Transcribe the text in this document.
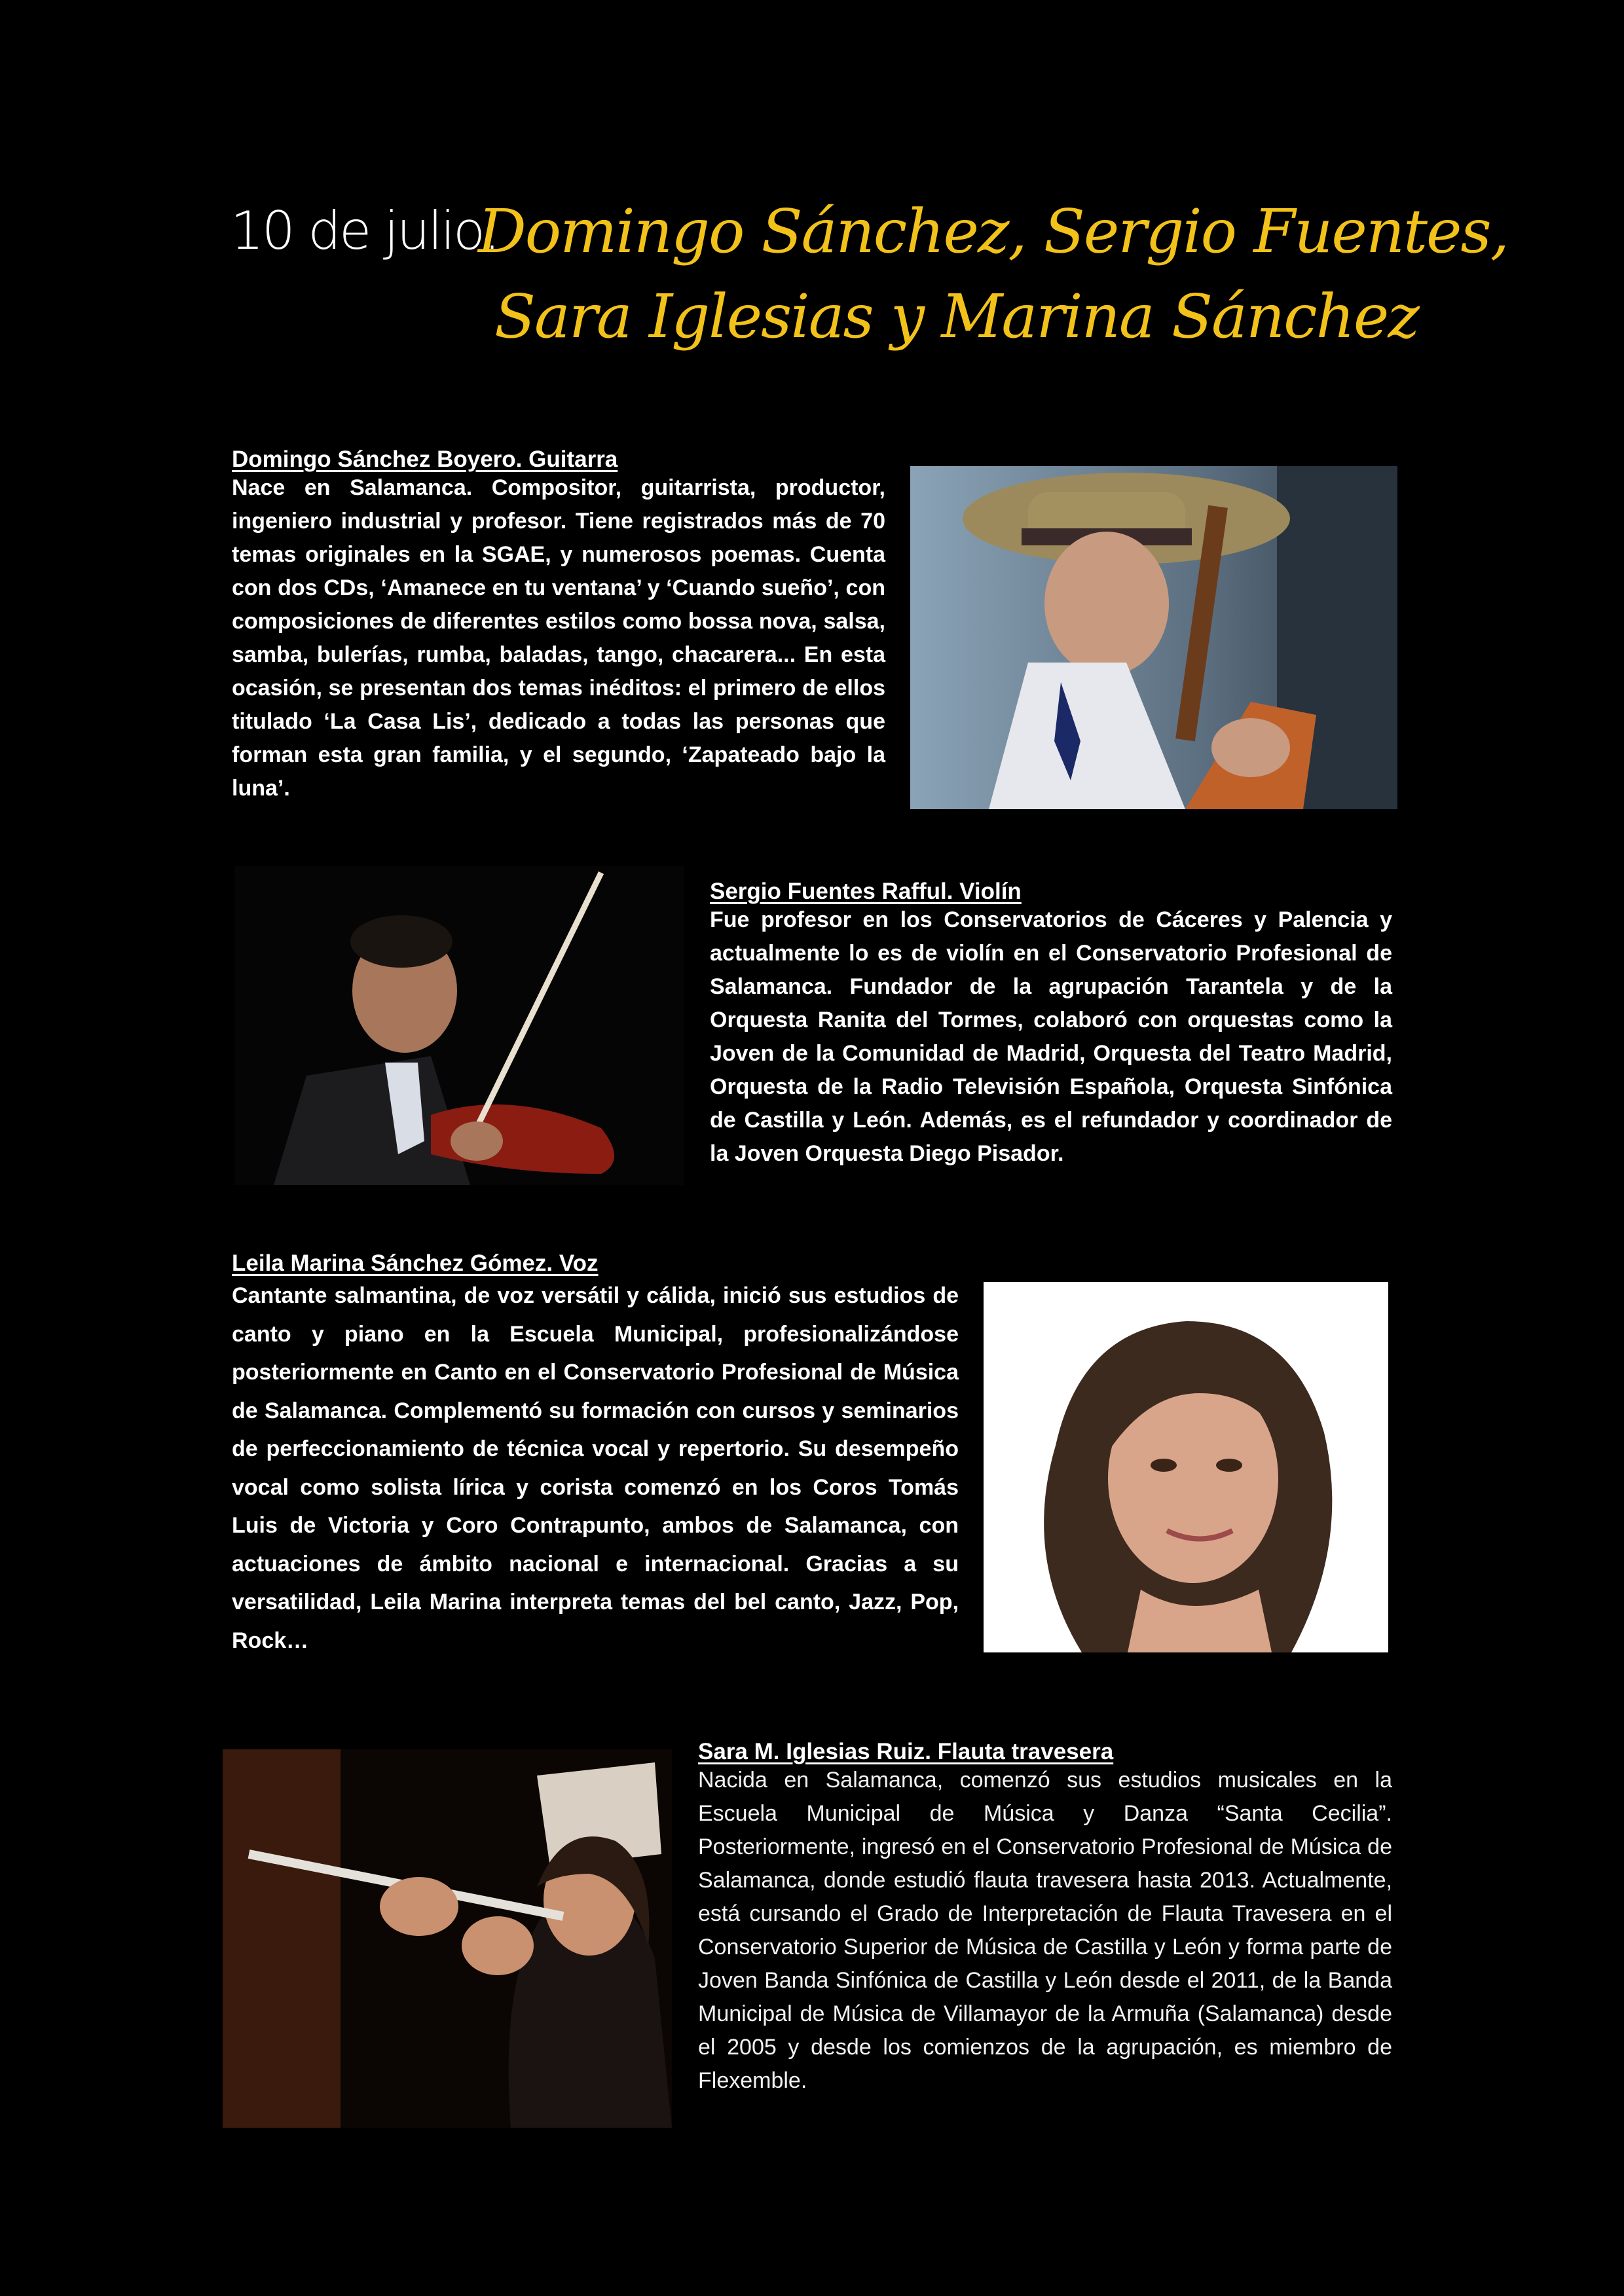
10 de julio:
Domingo Sánchez, Sergio Fuentes,
Sara Iglesias y Marina Sánchez
Domingo Sánchez Boyero. Guitarra

Nace en Salamanca. Compositor, guitarrista, productor, ingeniero industrial y profesor. Tiene registrados más de 70 temas originales en la SGAE, y numerosos poemas. Cuenta con dos CDs, ‘Amanece en tu ventana’ y ‘Cuando sueño’, con composiciones de diferentes estilos como bossa nova, salsa, samba, bulerías, rumba, baladas, tango, chacarera... En esta ocasión, se presentan dos temas inéditos: el primero de ellos titulado ‘La Casa Lis’, dedicado a todas las personas que forman esta gran familia, y el segundo, ‘Zapateado bajo la luna’.

Sergio Fuentes Rafful. Violín

Fue profesor en los Conservatorios de Cáceres y Palencia y actualmente lo es de violín en el Conservatorio Profesional de Salamanca. Fundador de la agrupación Tarantela y de la Orquesta Ranita del Tormes, colaboró con orquestas como la Joven de la Comunidad de Madrid, Orquesta del Teatro Madrid, Orquesta de la Radio Televisión Española, Orquesta Sinfónica de Castilla y León. Además, es el refundador y coordinador de la Joven Orquesta Diego Pisador.

Leila Marina Sánchez Gómez. Voz

Cantante salmantina, de voz versátil y cálida, inició sus estudios de canto y piano en la Escuela Municipal, profesionalizándose posteriormente en Canto en el Conservatorio Profesional de Música de Salamanca. Complementó su formación con cursos y seminarios de perfeccionamiento de técnica vocal y repertorio. Su desempeño vocal como solista lírica y corista comenzó en los Coros Tomás Luis de Victoria y Coro Contrapunto, ambos de Salamanca, con actuaciones de ámbito nacional e internacional. Gracias a su versatilidad, Leila Marina interpreta temas del bel canto, Jazz, Pop, Rock…

Sara M. Iglesias Ruiz. Flauta travesera

Nacida en Salamanca, comenzó sus estudios musicales en la Escuela Municipal de Música y Danza “Santa Cecilia”. Posteriormente, ingresó en el Conservatorio Profesional de Música de Salamanca, donde estudió flauta travesera hasta 2013. Actualmente, está cursando el Grado de Interpretación de Flauta Travesera en el Conservatorio Superior de Música de Castilla y León y forma parte de Joven Banda Sinfónica de Castilla y León desde el 2011, de la Banda Municipal de Música de Villamayor de la Armuña (Salamanca) desde el 2005 y desde los comienzos de la agrupación, es miembro de Flexemble.
